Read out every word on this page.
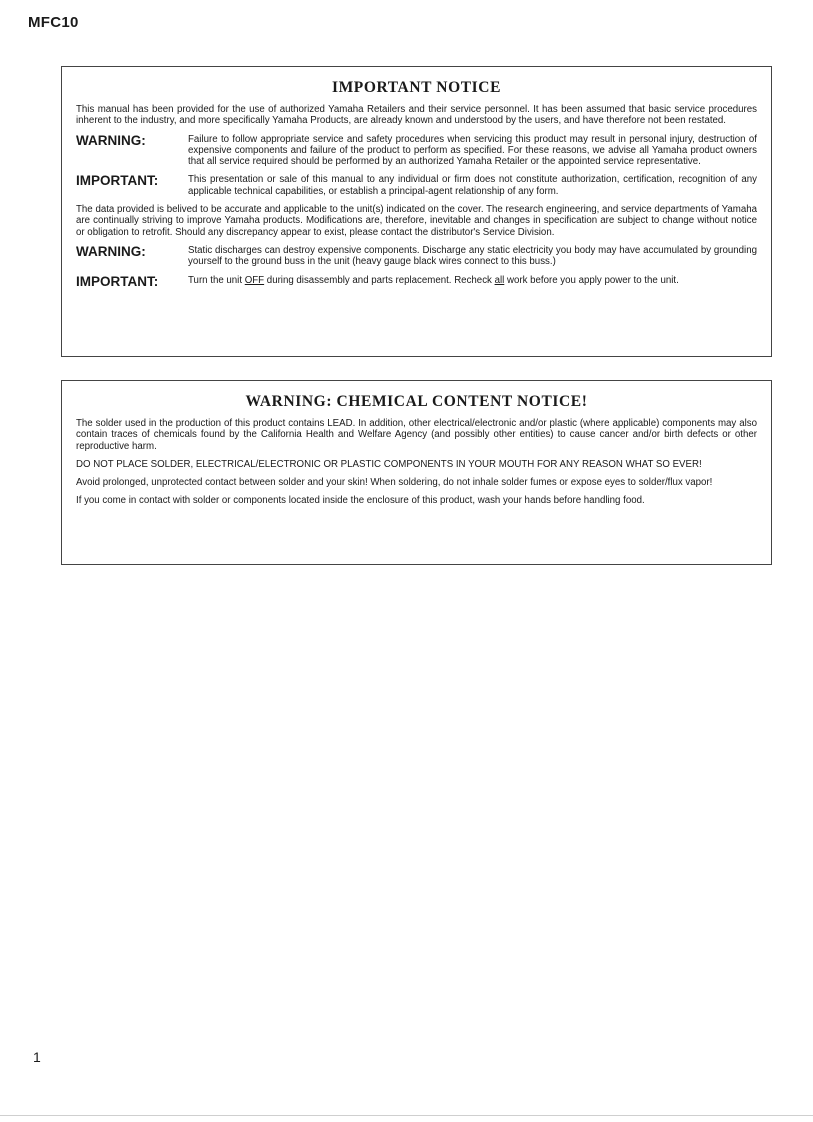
MFC10
IMPORTANT NOTICE

This manual has been provided for the use of authorized Yamaha Retailers and their service personnel. It has been assumed that basic service procedures inherent to the industry, and more specifically Yamaha Products, are already known and understood by the users, and have therefore not been restated.

WARNING:	Failure to follow appropriate service and safety procedures when servicing this product may result in personal injury, destruction of expensive components and failure of the product to perform as specified. For these reasons, we advise all Yamaha product owners that all service required should be performed by an authorized Yamaha Retailer or the appointed service representative.
IMPORTANT:	This presentation or sale of this manual to any individual or firm does not constitute authorization, certification, recognition of any applicable technical capabilities, or establish a principal-agent relationship of any form.

The data provided is belived to be accurate and applicable to the unit(s) indicated on the cover. The research engineering, and service departments of Yamaha are continually striving to improve Yamaha products. Modifications are, therefore, inevitable and changes in specification are subject to change without notice or obligation to retrofit. Should any discrepancy appear to exist, please contact the distributor's Service Division.

WARNING:	Static discharges can destroy expensive components. Discharge any static electricity you body may have accumulated by grounding yourself to the ground buss in the unit (heavy gauge black wires connect to this buss.)
IMPORTANT:	Turn the unit OFF during disassembly and parts replacement. Recheck all work before you apply power to the unit.
WARNING: CHEMICAL CONTENT NOTICE!

The solder used in the production of this product contains LEAD. In addition, other electrical/electronic and/or plastic (where applicable) components may also contain traces of chemicals found by the California Health and Welfare Agency (and possibly other entities) to cause cancer and/or birth defects or other reproductive harm.

DO NOT PLACE SOLDER, ELECTRICAL/ELECTRONIC OR PLASTIC COMPONENTS IN YOUR MOUTH FOR ANY REASON WHAT SO EVER!

Avoid prolonged, unprotected contact between solder and your skin! When soldering, do not inhale solder fumes or expose eyes to solder/flux vapor!

If you come in contact with solder or components located inside the enclosure of this product, wash your hands before handling food.

1
